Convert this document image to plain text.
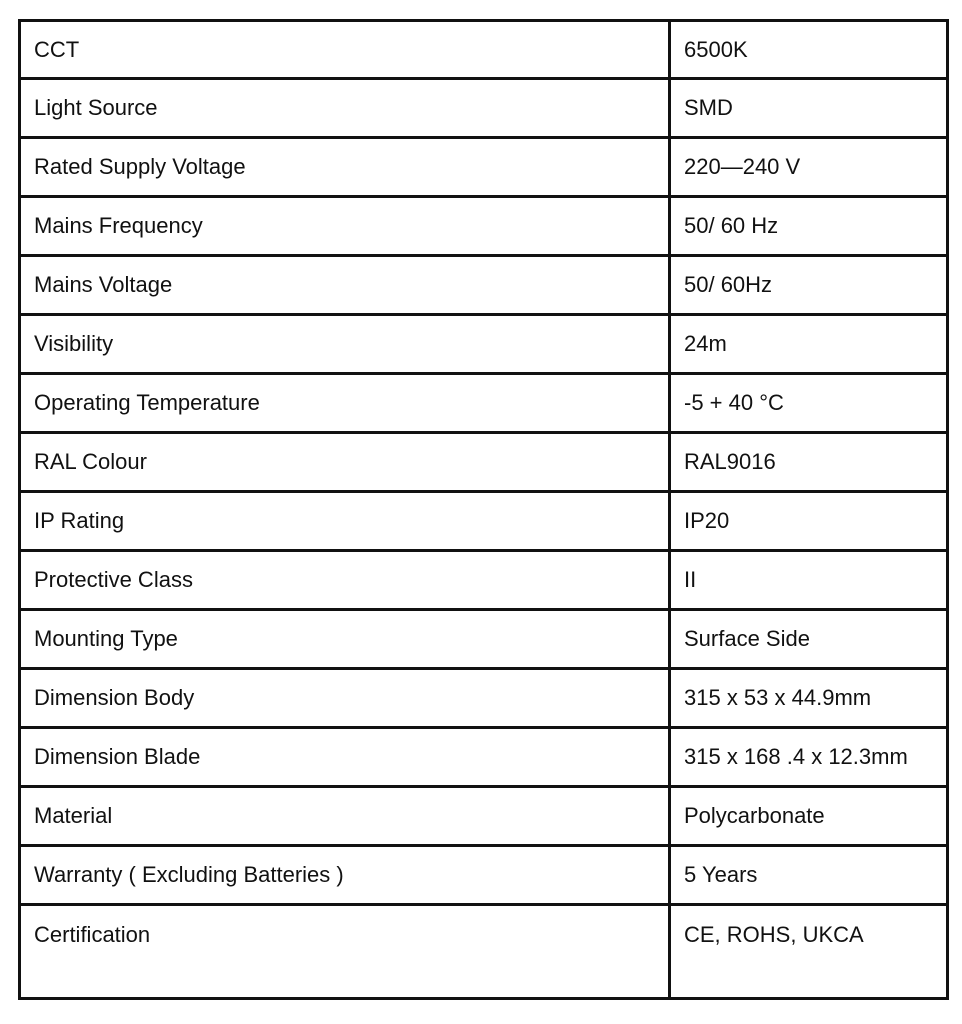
CCT	6500K
Light Source	SMD
Rated Supply Voltage	220—240 V
Mains Frequency	50/ 60 Hz
Mains Voltage	50/ 60Hz
Visibility	24m
Operating Temperature	-5 + 40 °C
RAL Colour	RAL9016
IP Rating	IP20
Protective Class	II
Mounting Type	Surface Side
Dimension Body	315 x 53 x 44.9mm
Dimension Blade	315 x 168 .4 x 12.3mm
Material	Polycarbonate
Warranty ( Excluding Batteries )	5 Years
Certification	CE, ROHS, UKCA
